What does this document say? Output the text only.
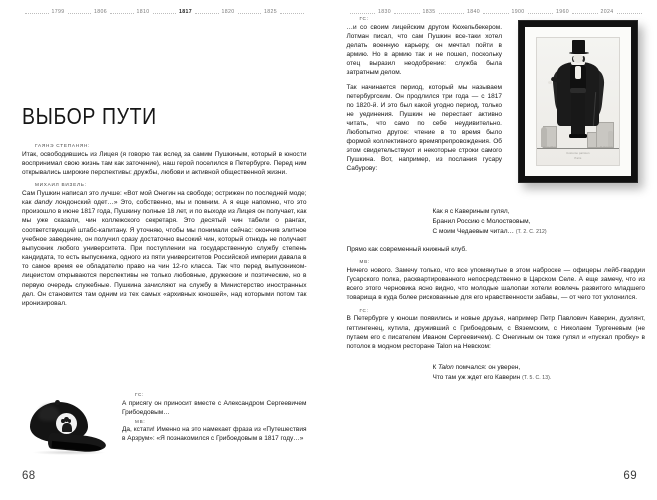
1799	1806	1810	1817	1820	1825
ВЫБОР ПУТИ
ГАЯНЭ СТЕПАНЯН:

Итак, освободившись из Лицея (я говорю так вслед за самим Пушкиным, который в юности воспринимал свою жизнь там как заточение), наш герой поселился в Петербурге. Перед ним открывались широкие перспективы: дружбы, любови и активной общественной жизни.

МИХАИЛ ВИЗЕЛЬ:

Сам Пушкин написал это лучше: «Вот мой Онегин на свободе; острижен по последней моде; как dandy лондонский одет…» Это, собственно, мы и помним. А я еще напомню, что это произошло в июне 1817 года, Пушкину полные 18 лет, и по выходе из Лицея он получает, как мы уже сказали, чин коллежского секретаря. Это десятый чин табели о рангах, соответствующий штабс-капитану. Я уточняю, чтобы мы понимали сейчас: окончив элитное учебное заведение, он получил сразу достаточно высокий чин, который отнюдь не получает выпускник любого университета. При поступлении на государственную службу степень кандидата, то есть выпускника, одного из пяти университетов Российской империи давала в то самое время ее обладателю право на чин 12-го класса. Так что перед выпускником-лицеистом открываются перспективы не только любовные, дружеские и поэтические, но в первую очередь служебные. Пушкина зачисляют на службу в Министерство иностранных дел. Он становится там одним из тех самых «архивных юношей», над которыми потом так иронизировал.

ГС:

А присягу он приносит вместе с Александром Сергеевичем Грибоедовым…

МВ:

Да, кстати! Именно на это намекает фраза из «Путешествия в Арзрум»: «Я познакомился с Грибоедовым в 1817 году…»

68
1830	1835	1840	1900	1960	2024
Lith. de Villain	H. Vernet del.
Costume parisien
Paris
ГС:

…и со своим лицейским другом Кюхельбекером. Лотман писал, что сам Пушкин все-таки хотел делать военную карьеру, он мечтал пойти в армию. Но в армию так и не пошел, поскольку отец выразил неодобрение: служба была затратным делом.

Так начинается период, который мы называем петербургским. Он продлился три года — с 1817 по 1820-й. И это был какой угодно период, только не уединения. Пушкин не перестает активно читать, что само по себе неудивительно. Любопытно другое: чтение в то время было формой коллективного времяпрепровождения. Об этом свидетельствуют и некоторые строки самого Пушкина. Вот, например, из послания гусару Сабурову:

Как я с Кавериным гулял,
Бранил Россию с Молоствовым,
С моим Чедаевым читал… (Т. 2. С. 212)

Прямо как современный книжный клуб.

МВ:

Ничего нового. Замечу только, что все упомянутые в этом наброске — офицеры лейб-гвардии Гусарского полка, расквартированного непосредственно в Царском Селе. А еще замечу, что из всего этого черновика ясно видно, что молодые шалопаи хотели вовлечь развитого младшего товарища в куда более рискованные для его нравственности забавы, — от чего тот уклонился.

ГС:

В Петербурге у юноши появились и новые друзья, например Петр Павлович Каверин, дуэлянт, геттингенец, кутила, друживший с Грибоедовым, с Вяземским, с Николаем Тургеневым (не путаем его с писателем Иваном Сергеевичем). С Онегиным он тоже гулял и «пускал пробку» в потолок в модном ресторане Talon на Невском:

К Talon помчался: он уверен,
Что там уж ждет его Каверин (Т. 5. С. 13).
69
